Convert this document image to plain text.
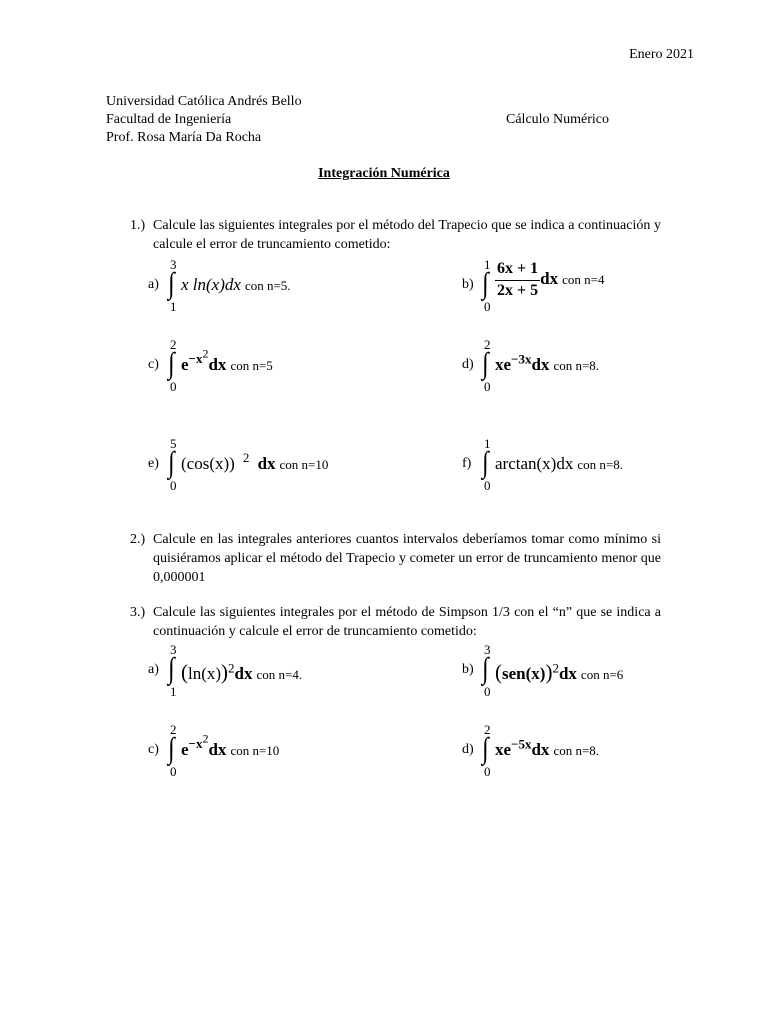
Enero 2021
Universidad Católica Andrés Bello
Facultad de Ingeniería
Prof. Rosa María Da Rocha
Cálculo Numérico
Integración Numérica
1.) Calcule las siguientes integrales por el método del Trapecio que se indica a continuación y calcule el error de truncamiento cometido:
a)
3
∫
1
x ln(x)dx con n=5.	b)
1
∫
0
$\frac{6x + 1}{2x + 5}$ dx con n=4
c)
2
∫
0
$e^{-x^2}dx$ con n=5	d)
2
∫
0
$xe^{-3x}dx$ con n=8.
e)
5
∫
0
(cos(x)) $^2$ dx con n=10	f)
1
∫
0
arctan(x)dx con n=8.
2.) Calcule en las integrales anteriores cuantos intervalos deberíamos tomar como mínimo si quisiéramos aplicar el método del Trapecio y cometer un error de truncamiento menor que 0,000001
3.) Calcule las siguientes integrales por el método de Simpson 1/3 con el “n” que se indica a continuación y calcule el error de truncamiento cometido:
a)
3
∫
1
$(\ln(x))^2dx$ con n=4.	b)
3
∫
0
$(sen(x))^2dx$ con n=6
c)
2
∫
0
$e^{-x^2}dx$ con n=10	d)
2
∫
0
$xe^{-5x}dx$ con n=8.
